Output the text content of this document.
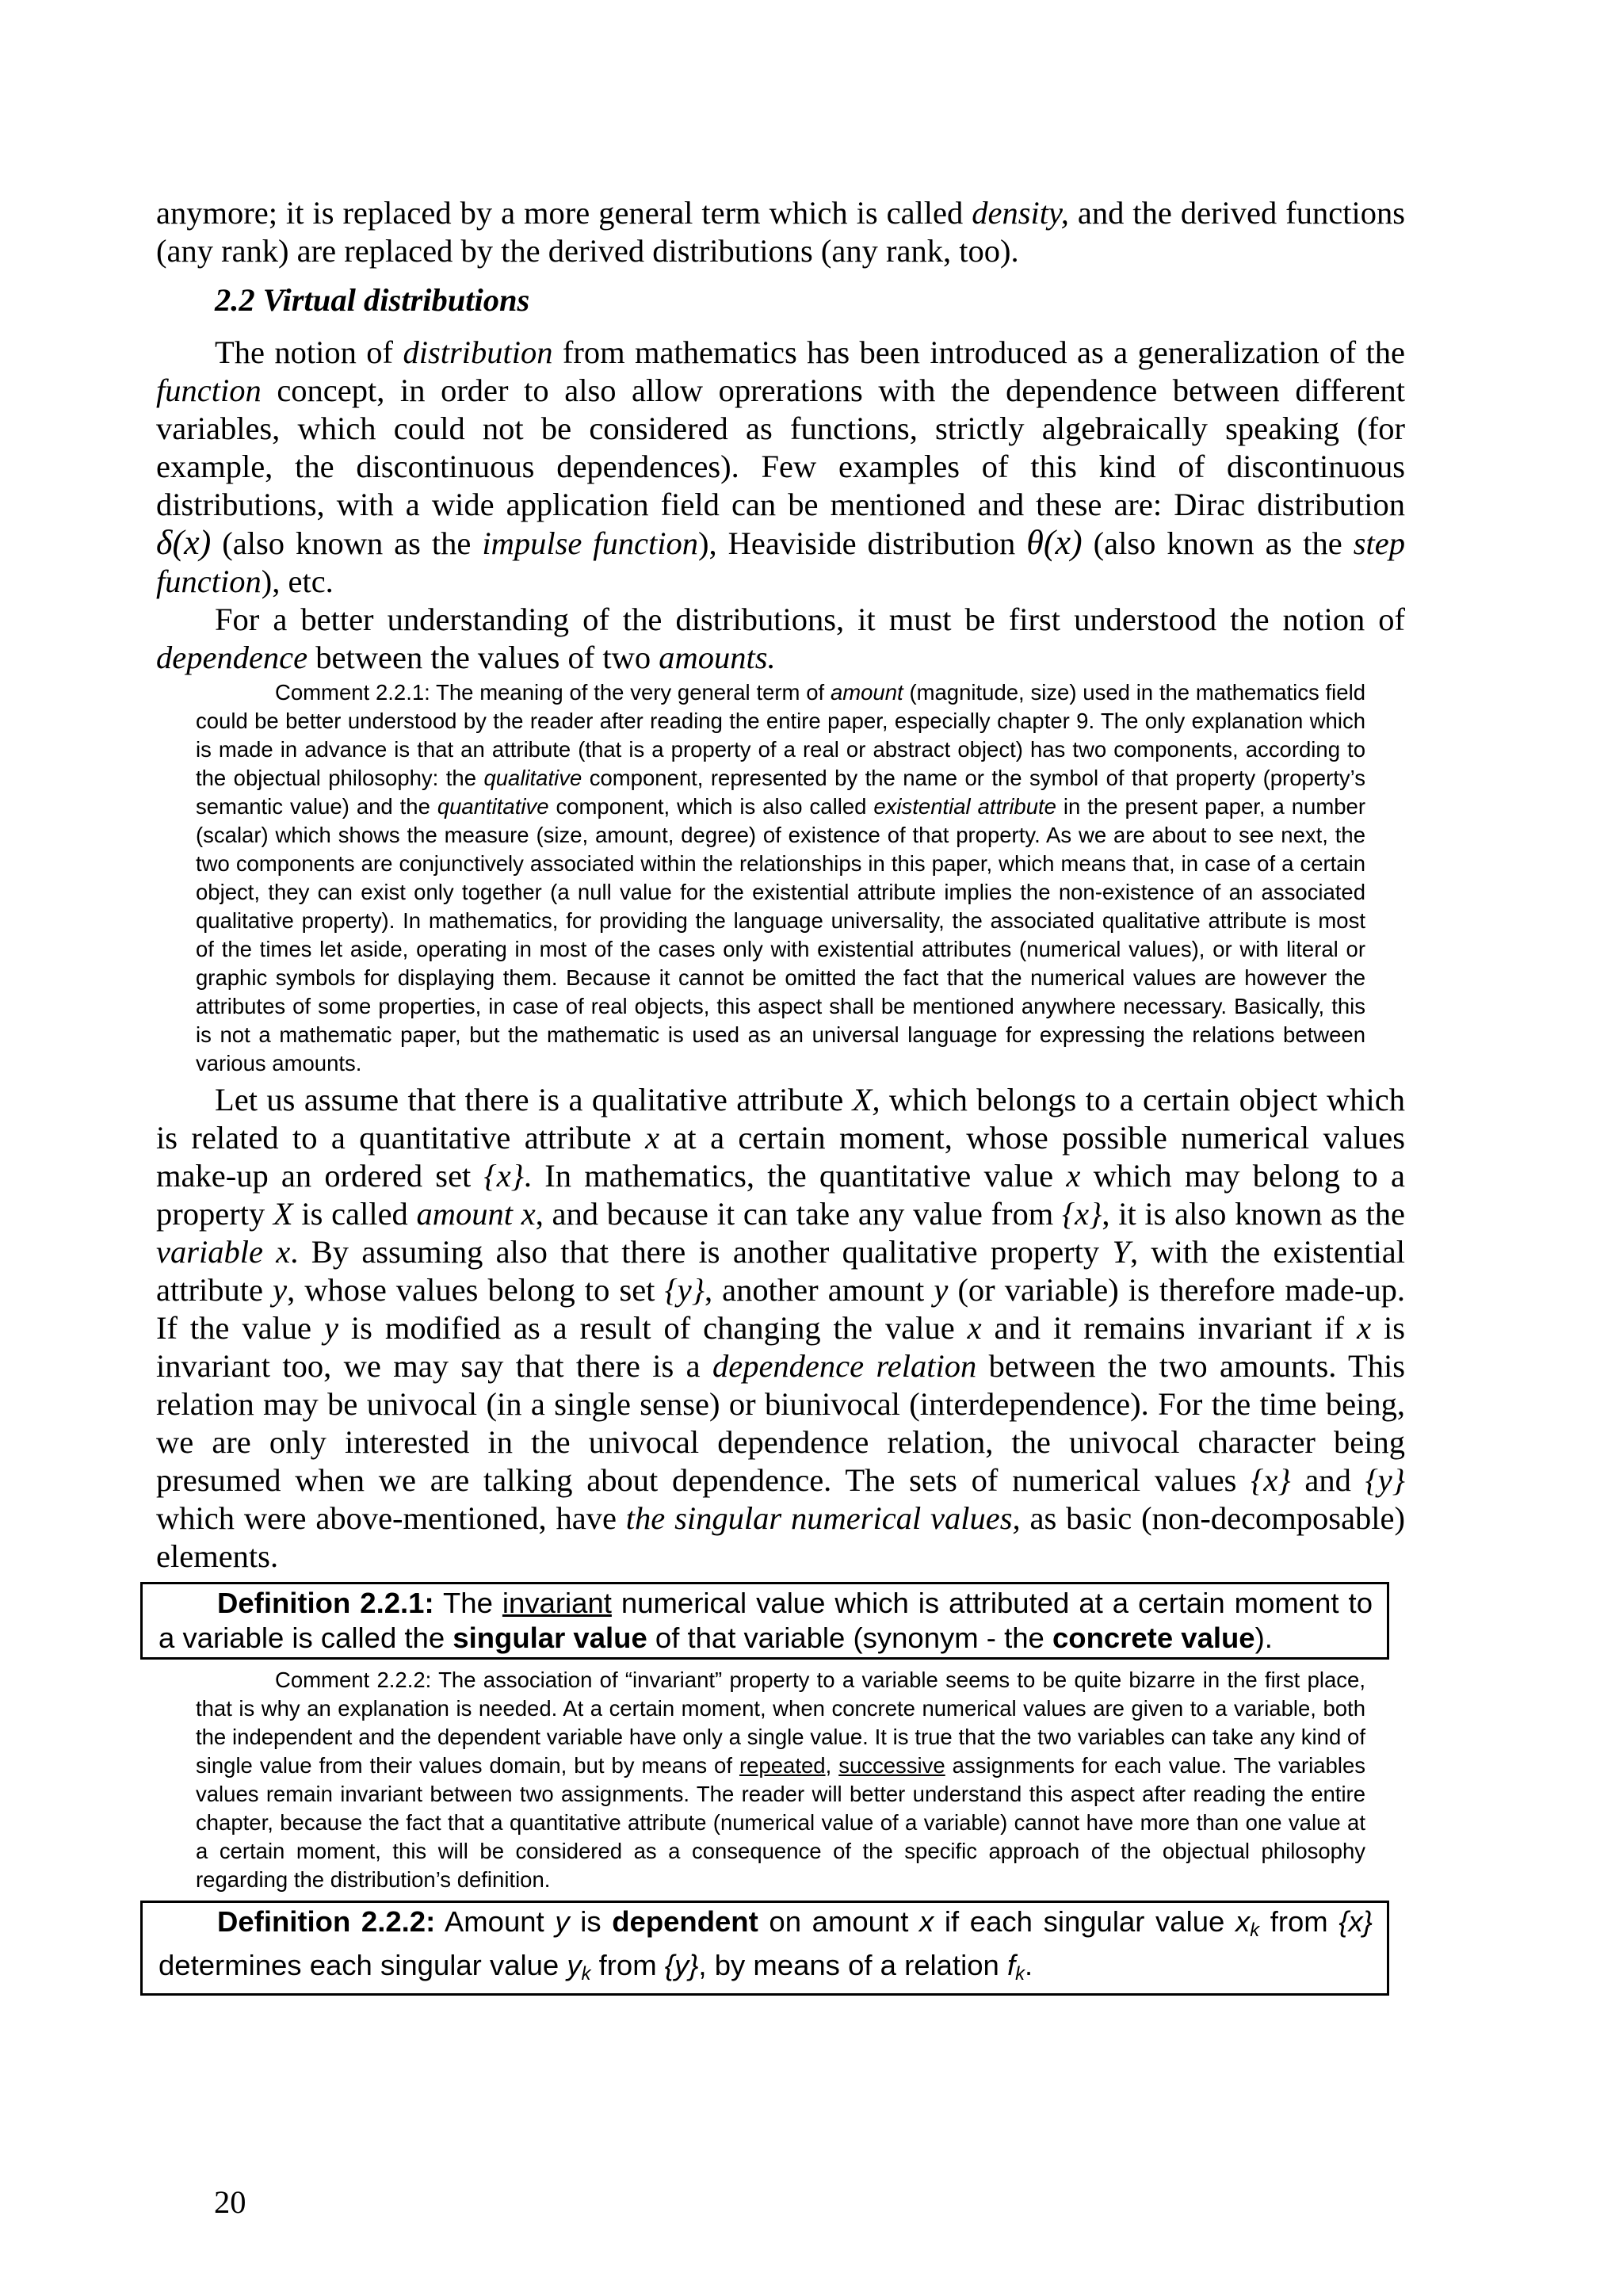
anymore; it is replaced by a more general term which is called density, and the derived functions (any rank) are replaced by the derived distributions (any rank, too).

2.2 Virtual distributions

The notion of distribution from mathematics has been introduced as a generalization of the function concept, in order to also allow oprerations with the dependence between different variables, which could not be considered as functions, strictly algebraically speaking (for example, the discontinuous dependences). Few examples of this kind of discontinuous distributions, with a wide application field can be mentioned and these are: Dirac distribution δ(x) (also known as the impulse function), Heaviside distribution θ(x) (also known as the step function), etc.

For a better understanding of the distributions, it must be first understood the notion of dependence between the values of two amounts.

Comment 2.2.1: The meaning of the very general term of amount (magnitude, size) used in the mathematics field could be better understood by the reader after reading the entire paper, especially chapter 9. The only explanation which is made in advance is that an attribute (that is a property of a real or abstract object) has two components, according to the objectual philosophy: the qualitative component, represented by the name or the symbol of that property (property’s semantic value) and the quantitative component, which is also called existential attribute in the present paper, a number (scalar) which shows the measure (size, amount, degree) of existence of that property. As we are about to see next, the two components are conjunctively associated within the relationships in this paper, which means that, in case of a certain object, they can exist only together (a null value for the existential attribute implies the non-existence of an associated qualitative property). In mathematics, for providing the language universality, the associated qualitative attribute is most of the times let aside, operating in most of the cases only with existential attributes (numerical values), or with literal or graphic symbols for displaying them. Because it cannot be omitted the fact that the numerical values are however the attributes of some properties, in case of real objects, this aspect shall be mentioned anywhere necessary. Basically, this is not a mathematic paper, but the mathematic is used as an universal language for expressing the relations between various amounts.

Let us assume that there is a qualitative attribute X, which belongs to a certain object which is related to a quantitative attribute x at a certain moment, whose possible numerical values make-up an ordered set {x}. In mathematics, the quantitative value x which may belong to a property X is called amount x, and because it can take any value from {x}, it is also known as the variable x. By assuming also that there is another qualitative property Y, with the existential attribute y, whose values belong to set {y}, another amount y (or variable) is therefore made-up. If the value y is modified as a result of changing the value x and it remains invariant if x is invariant too, we may say that there is a dependence relation between the two amounts. This relation may be univocal (in a single sense) or biunivocal (interdependence). For the time being, we are only interested in the univocal dependence relation, the univocal character being presumed when we are talking about dependence. The sets of numerical values {x} and {y} which were above-mentioned, have the singular numerical values, as basic (non-decomposable) elements.

Definition 2.2.1: The invariant numerical value which is attributed at a certain moment to a variable is called the singular value of that variable (synonym - the concrete value).

Comment 2.2.2: The association of “invariant” property to a variable seems to be quite bizarre in the first place, that is why an explanation is needed. At a certain moment, when concrete numerical values are given to a variable, both the independent and the dependent variable have only a single value. It is true that the two variables can take any kind of single value from their values domain, but by means of repeated, successive assignments for each value. The variables values remain invariant between two assignments. The reader will better understand this aspect after reading the entire chapter, because the fact that a quantitative attribute (numerical value of a variable) cannot have more than one value at a certain moment, this will be considered as a consequence of the specific approach of the objectual philosophy regarding the distribution’s definition.

Definition 2.2.2: Amount y is dependent on amount x if each singular value $x_k$ from {x} determines each singular value $y_k$ from {y}, by means of a relation $f_k$.
20
